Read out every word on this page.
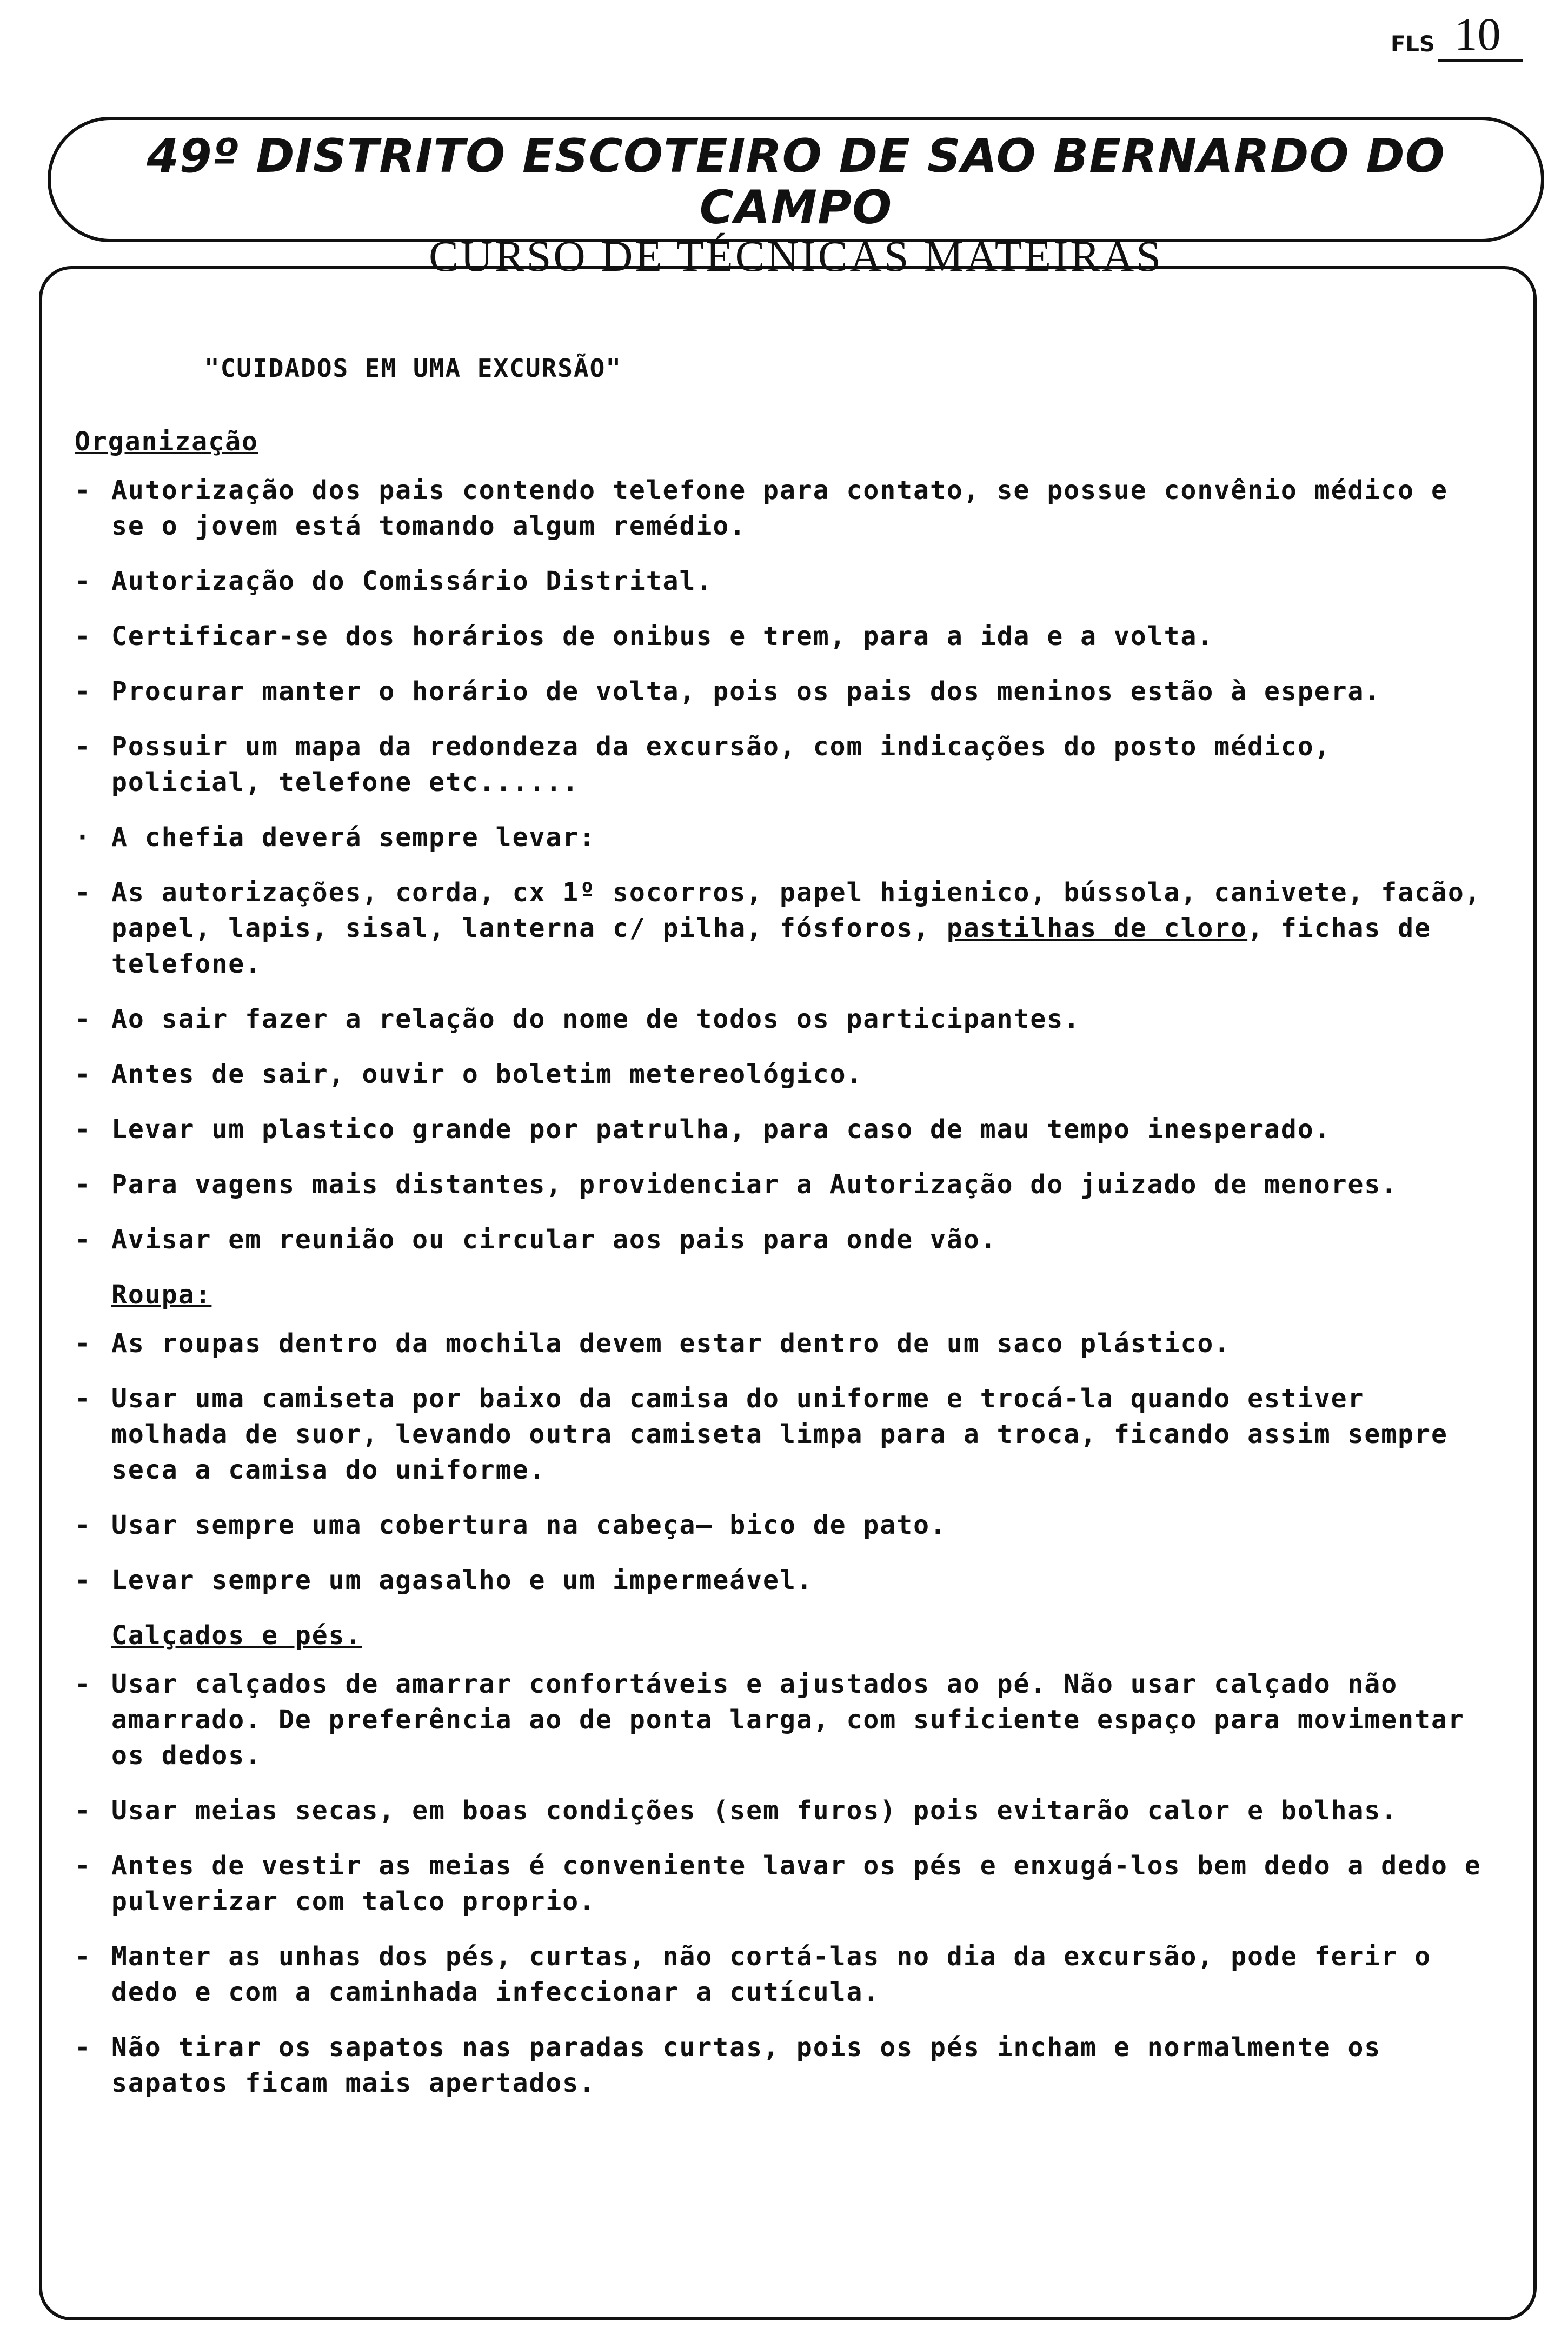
FLS 10
49º DISTRITO ESCOTEIRO DE SAO BERNARDO DO CAMPO
CURSO DE TÉCNICAS MATEIRAS
"CUIDADOS EM UMA EXCURSÃO"
Organização
- Autorização dos pais contendo telefone para contato, se possue convênio médico e se o jovem está tomando algum remédio.
- Autorização do Comissário Distrital.
- Certificar-se dos horários de onibus e trem, para a ida e a volta.
- Procurar manter o horário de volta, pois os pais dos meninos estão à espera.
- Possuir um mapa da redondeza da excursão, com indicações do posto médico, policial, telefone etc......
· A chefia deverá sempre levar:
- As autorizações, corda, cx 1º socorros, papel higienico, bússola, canivete, facão, papel, lapis, sisal, lanterna c/ pilha, fósforos, pastilhas de cloro, fichas de telefone.
- Ao sair fazer a relação do nome de todos os participantes.
- Antes de sair, ouvir o boletim metereológico.
- Levar um plastico grande por patrulha, para caso de mau tempo inesperado.
- Para vagens mais distantes, providenciar a Autorização do juizado de menores.
- Avisar em reunião ou circular aos pais para onde vão.
Roupa:
- As roupas dentro da mochila devem estar dentro de um saco plástico.
- Usar uma camiseta por baixo da camisa do uniforme e trocá-la quando estiver molhada de suor, levando outra camiseta limpa para a troca, ficando assim sempre seca a camisa do uniforme.
- Usar sempre uma cobertura na cabeça— bico de pato.
- Levar sempre um agasalho e um impermeável.
Calçados e pés.
- Usar calçados de amarrar confortáveis e ajustados ao pé. Não usar calçado não amarrado. De preferência ao de ponta larga, com suficiente espaço para movimentar os dedos.
- Usar meias secas, em boas condições (sem furos) pois evitarão calor e bolhas.
- Antes de vestir as meias é conveniente lavar os pés e enxugá-los bem dedo a dedo e pulverizar com talco proprio.
- Manter as unhas dos pés, curtas, não cortá-las no dia da excursão, pode ferir o dedo e com a caminhada infeccionar a cutícula.
- Não tirar os sapatos nas paradas curtas, pois os pés incham e normalmente os sapatos ficam mais apertados.
